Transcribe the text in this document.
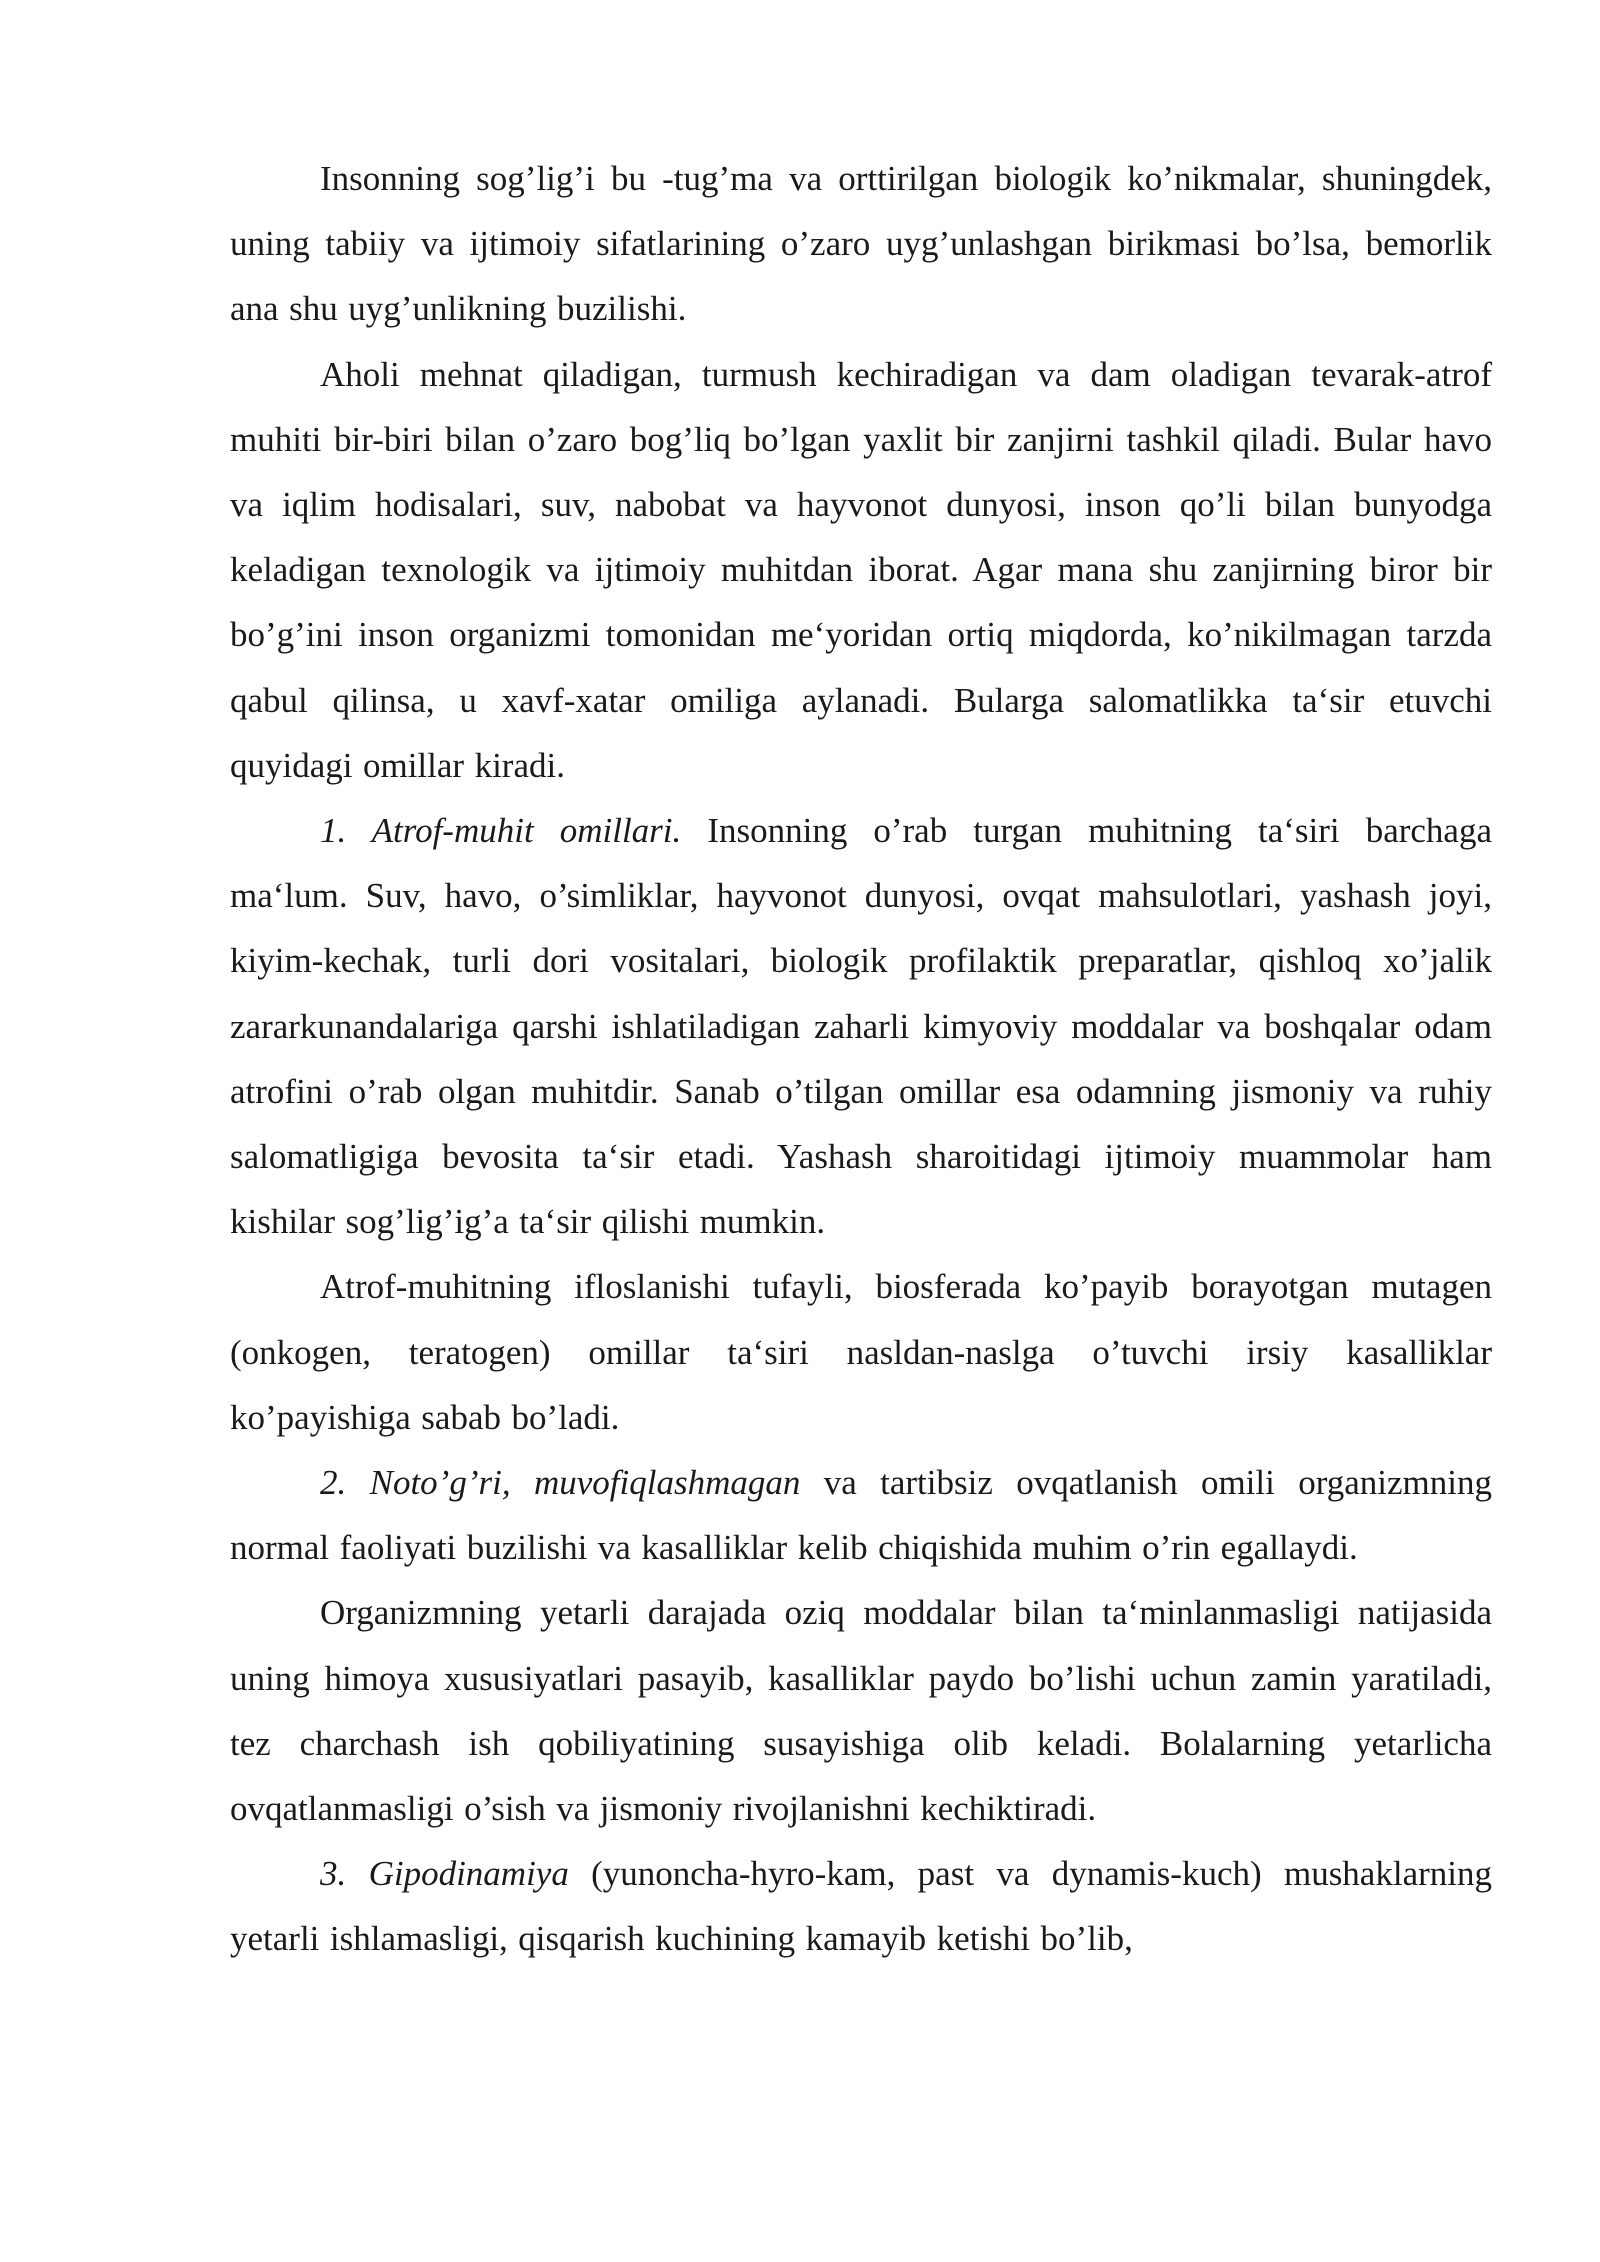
Insonning sog’lig’i bu -tug’ma va orttirilgan biologik ko’nikmalar, shuningdek, uning tabiiy va ijtimoiy sifatlarining o’zaro uyg’unlashgan birikmasi bo’lsa, bemorlik ana shu uyg’unlikning buzilishi.

Aholi mehnat qiladigan, turmush kechiradigan va dam oladigan tevarak-atrof muhiti bir-biri bilan o’zaro bog’liq bo’lgan yaxlit bir zanjirni tashkil qiladi. Bular havo va iqlim hodisalari, suv, nabobat va hayvonot dunyosi, inson qo’li bilan bunyodga keladigan texnologik va ijtimoiy muhitdan iborat. Agar mana shu zanjirning biror bir bo’g’ini inson organizmi tomonidan me‘yoridan ortiq miqdorda, ko’nikilmagan tarzda qabul qilinsa, u xavf-xatar omiliga aylanadi. Bularga salomatlikka ta‘sir etuvchi quyidagi omillar kiradi.

1. Atrof-muhit omillari. Insonning o’rab turgan muhitning ta‘siri barchaga ma‘lum. Suv, havo, o’simliklar, hayvonot dunyosi, ovqat mahsulotlari, yashash joyi, kiyim-kechak, turli dori vositalari, biologik profilaktik preparatlar, qishloq xo’jalik zararkunandalariga qarshi ishlatiladigan zaharli kimyoviy moddalar va boshqalar odam atrofini o’rab olgan muhitdir. Sanab o’tilgan omillar esa odamning jismoniy va ruhiy salomatligiga bevosita ta‘sir etadi. Yashash sharoitidagi ijtimoiy muammolar ham kishilar sog’lig’ig’a ta‘sir qilishi mumkin.

Atrof-muhitning ifloslanishi tufayli, biosferada ko’payib borayotgan mutagen (onkogen, teratogen) omillar ta‘siri nasldan-naslga o’tuvchi irsiy kasalliklar ko’payishiga sabab bo’ladi.

2. Noto’g’ri, muvofiqlashmagan va tartibsiz ovqatlanish omili organizmning normal faoliyati buzilishi va kasalliklar kelib chiqishida muhim o’rin egallaydi.

Organizmning yetarli darajada oziq moddalar bilan ta‘minlanmasligi natijasida uning himoya xususiyatlari pasayib, kasalliklar paydo bo’lishi uchun zamin yaratiladi, tez charchash ish qobiliyatining susayishiga olib keladi. Bolalarning yetarlicha ovqatlanmasligi o’sish va jismoniy rivojlanishni kechiktiradi.

3. Gipodinamiya (yunoncha-hyro-kam, past va dynamis-kuch) mushaklarning yetarli ishlamasligi, qisqarish kuchining kamayib ketishi bo’lib,
